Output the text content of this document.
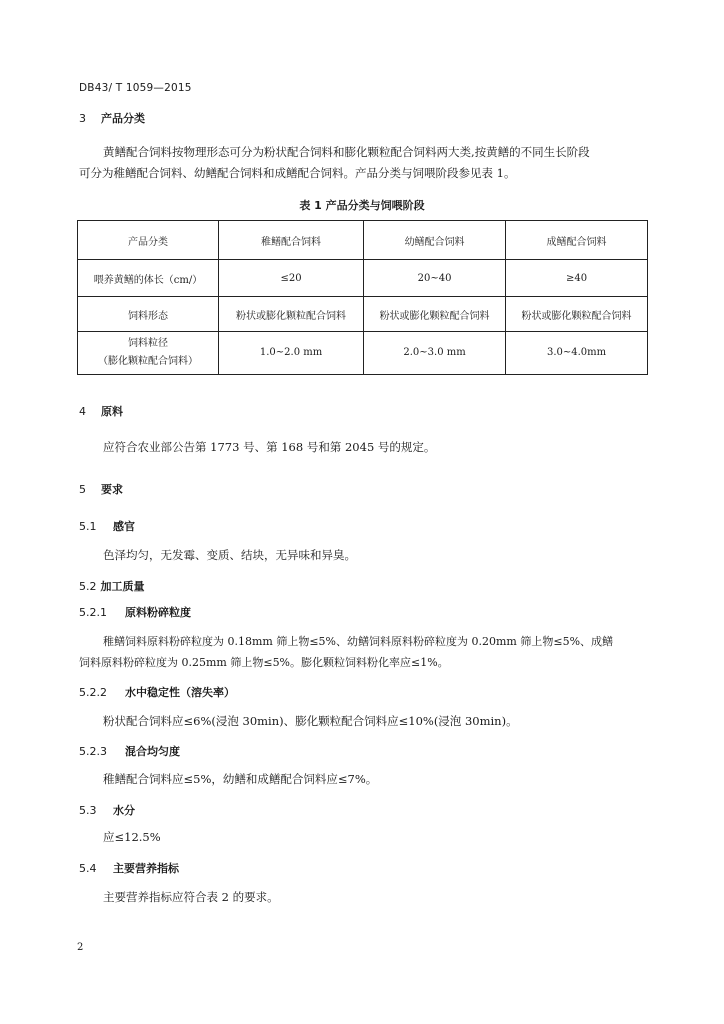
DB43/ T 1059—2015
3 产品分类
黄鳝配合饲料按物理形态可分为粉状配合饲料和膨化颗粒配合饲料两大类,按黄鳝的不同生长阶段
可分为稚鳝配合饲料、幼鳝配合饲料和成鳝配合饲料。产品分类与饲喂阶段参见表 1。
表 1 产品分类与饲喂阶段
产品分类	稚鳝配合饲料	幼鳝配合饲料	成鳝配合饲料
喂养黄鳝的体长（cm/）	≤20	20~40	≥40
饲料形态	粉状或膨化颗粒配合饲料	粉状或膨化颗粒配合饲料	粉状或膨化颗粒配合饲料

饲料粒径
（膨化颗粒配合饲料）	1.0~2.0 mm	2.0~3.0 mm	3.0~4.0mm
4 原料
应符合农业部公告第 1773 号、第 168 号和第 2045 号的规定。
5 要求
5.1 感官
色泽均匀，无发霉、变质、结块，无异味和异臭。
5.2 加工质量
5.2.1 原料粉碎粒度
稚鳝饲料原料粉碎粒度为 0.18mm 筛上物≤5%、幼鳝饲料原料粉碎粒度为 0.20mm 筛上物≤5%、成鳝
饲料原料粉碎粒度为 0.25mm 筛上物≤5%。膨化颗粒饲料粉化率应≤1%。
5.2.2 水中稳定性（溶失率）
粉状配合饲料应≤6%(浸泡 30min)、膨化颗粒配合饲料应≤10%(浸泡 30min)。
5.2.3 混合均匀度
稚鳝配合饲料应≤5%，幼鳝和成鳝配合饲料应≤7%。
5.3 水分
应≤12.5%
5.4 主要营养指标
主要营养指标应符合表 2 的要求。
2
